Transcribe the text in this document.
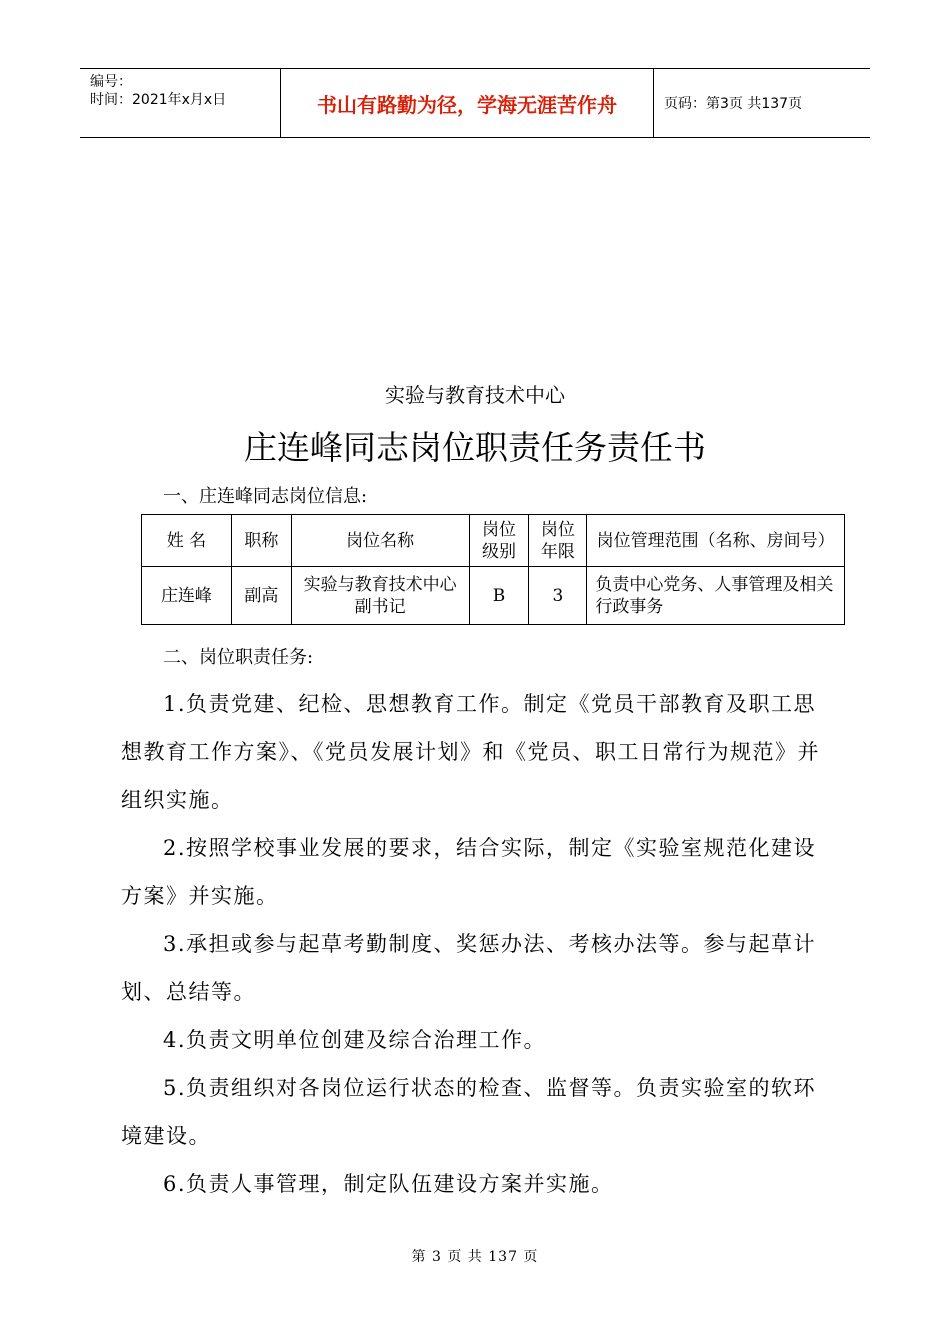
编号：
时间：2021年x月x日	书山有路勤为径，学海无涯苦作舟	页码：第3页 共137页
实验与教育技术中心
庄连峰同志岗位职责任务责任书
一、庄连峰同志岗位信息:
姓 名	职称	岗位名称	岗位级别	岗位年限	岗位管理范围（名称、房间号）
庄连峰	副高	实验与教育技术中心副书记	B	3	负责中心党务、人事管理及相关行政事务
二、岗位职责任务:

1.负责党建、纪检、思想教育工作。制定《党员干部教育及职工思想教育工作方案》、《党员发展计划》和《党员、职工日常行为规范》并组织实施。

2.按照学校事业发展的要求，结合实际，制定《实验室规范化建设方案》并实施。

3.承担或参与起草考勤制度、奖惩办法、考核办法等。参与起草计划、总结等。

4.负责文明单位创建及综合治理工作。

5.负责组织对各岗位运行状态的检查、监督等。负责实验室的软环境建设。

6.负责人事管理，制定队伍建设方案并实施。

第 3 页 共 137 页
